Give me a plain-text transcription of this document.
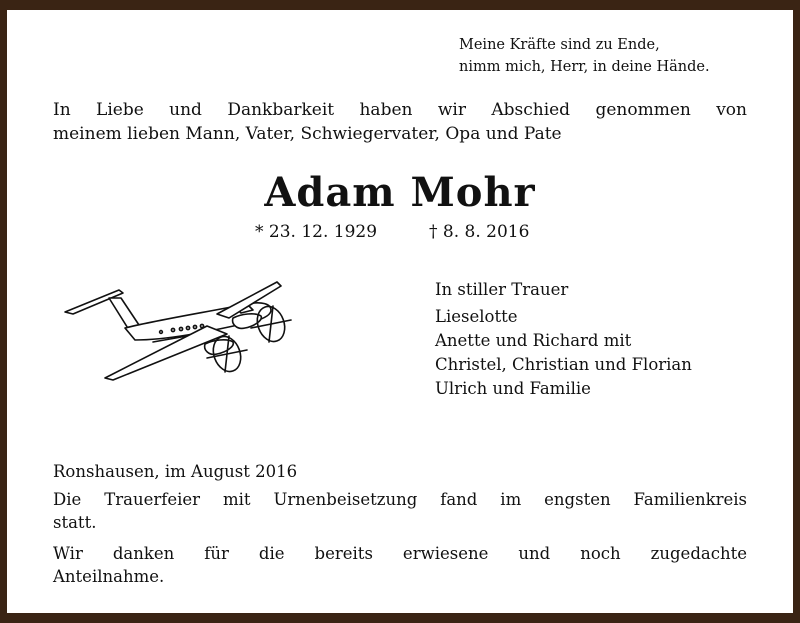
Meine Kräfte sind zu Ende,
nimm mich, Herr, in deine Hände.
In Liebe und Dankbarkeit haben wir Abschied genommen von
meinem lieben Mann, Vater, Schwiegervater, Opa und Pate
Adam Mohr
* 23. 12. 1929	† 8. 8. 2016
In stiller Trauer
Lieselotte
Anette und Richard mit
Christel, Christian und Florian
Ulrich und Familie
Ronshausen, im August 2016
Die Trauerfeier mit Urnenbeisetzung fand im engsten Familienkreis
statt.
Wir danken für die bereits erwiesene und noch zugedachte
Anteilnahme.
